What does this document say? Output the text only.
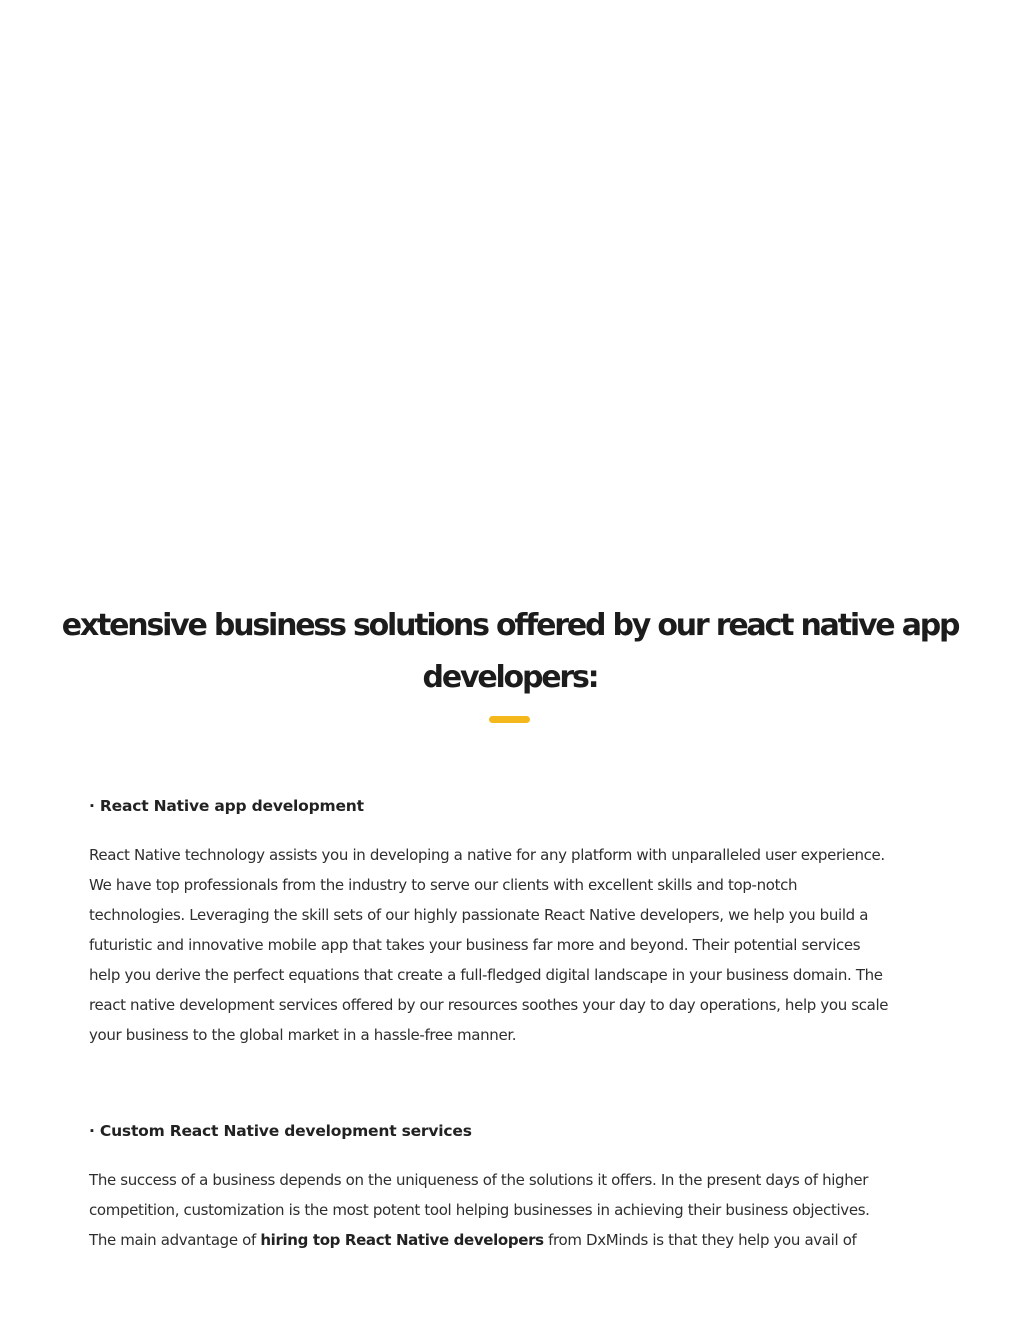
extensive business solutions offered by our react native app
developers:

· React Native app development

React Native technology assists you in developing a native for any platform with unparalleled user experience.
We have top professionals from the industry to serve our clients with excellent skills and top-notch
technologies. Leveraging the skill sets of our highly passionate React Native developers, we help you build a
futuristic and innovative mobile app that takes your business far more and beyond. Their potential services
help you derive the perfect equations that create a full-fledged digital landscape in your business domain. The
react native development services offered by our resources soothes your day to day operations, help you scale
your business to the global market in a hassle-free manner.

· Custom React Native development services

The success of a business depends on the uniqueness of the solutions it offers. In the present days of higher
competition, customization is the most potent tool helping businesses in achieving their business objectives.
The main advantage of hiring top React Native developers from DxMinds is that they help you avail of
